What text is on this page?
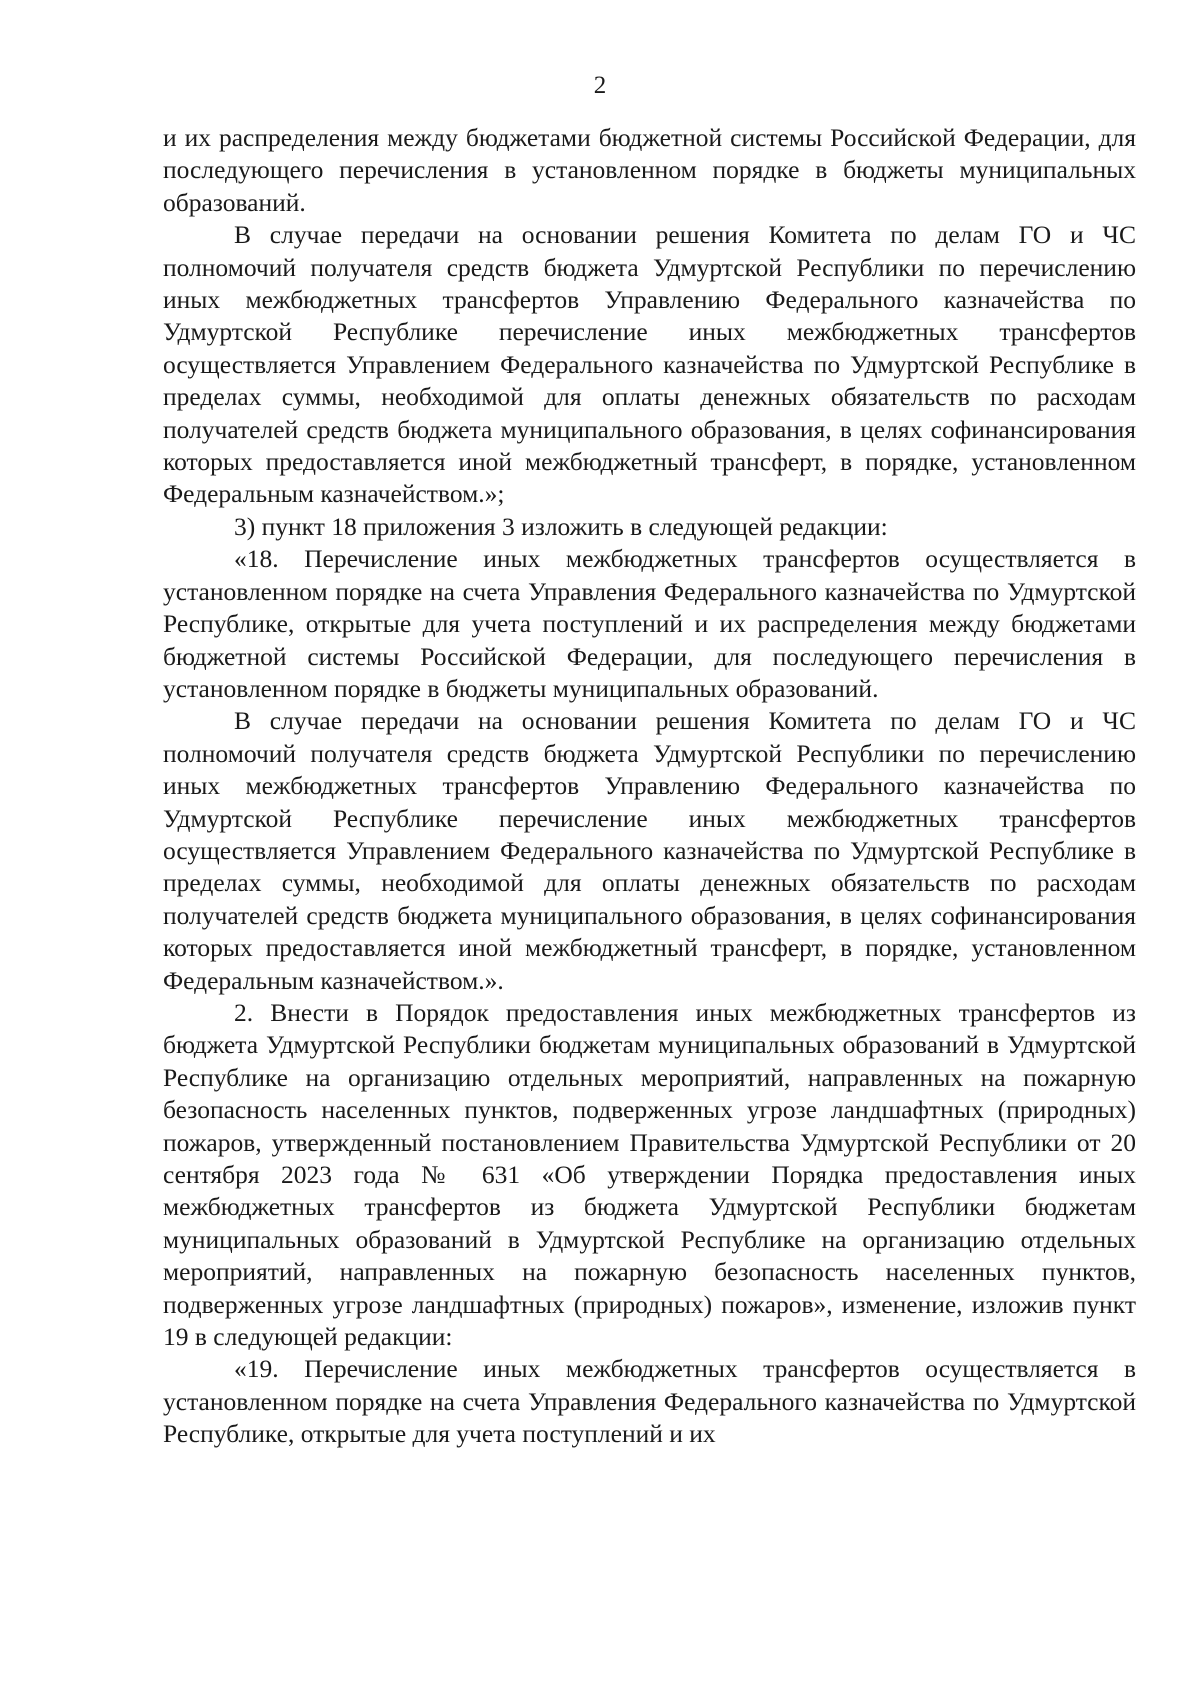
2

и их распределения между бюджетами бюджетной системы Российской Федерации, для последующего перечисления в установленном порядке в бюджеты муниципальных образований.

В случае передачи на основании решения Комитета по делам ГО и ЧС полномочий получателя средств бюджета Удмуртской Республики по перечислению иных межбюджетных трансфертов Управлению Федерального казначейства по Удмуртской Республике перечисление иных межбюджетных трансфертов осуществляется Управлением Федерального казначейства по Удмуртской Республике в пределах суммы, необходимой для оплаты денежных обязательств по расходам получателей средств бюджета муниципального образования, в целях софинансирования которых предоставляется иной межбюджетный трансферт, в порядке, установленном Федеральным казначейством.»;

3) пункт 18 приложения 3 изложить в следующей редакции:

«18. Перечисление иных межбюджетных трансфертов осуществляется в установленном порядке на счета Управления Федерального казначейства по Удмуртской Республике, открытые для учета поступлений и их распределения между бюджетами бюджетной системы Российской Федерации, для последующего перечисления в установленном порядке в бюджеты муниципальных образований.

В случае передачи на основании решения Комитета по делам ГО и ЧС полномочий получателя средств бюджета Удмуртской Республики по перечислению иных межбюджетных трансфертов Управлению Федерального казначейства по Удмуртской Республике перечисление иных межбюджетных трансфертов осуществляется Управлением Федерального казначейства по Удмуртской Республике в пределах суммы, необходимой для оплаты денежных обязательств по расходам получателей средств бюджета муниципального образования, в целях софинансирования которых предоставляется иной межбюджетный трансферт, в порядке, установленном Федеральным казначейством.».

2. Внести в Порядок предоставления иных межбюджетных трансфертов из бюджета Удмуртской Республики бюджетам муниципальных образований в Удмуртской Республике на организацию отдельных мероприятий, направленных на пожарную безопасность населенных пунктов, подверженных угрозе ландшафтных (природных) пожаров, утвержденный постановлением Правительства Удмуртской Республики от 20 сентября 2023 года № 631 «Об утверждении Порядка предоставления иных межбюджетных трансфертов из бюджета Удмуртской Республики бюджетам муниципальных образований в Удмуртской Республике на организацию отдельных мероприятий, направленных на пожарную безопасность населенных пунктов, подверженных угрозе ландшафтных (природных) пожаров», изменение, изложив пункт 19 в следующей редакции:

«19. Перечисление иных межбюджетных трансфертов осуществляется в установленном порядке на счета Управления Федерального казначейства по Удмуртской Республике, открытые для учета поступлений и их
